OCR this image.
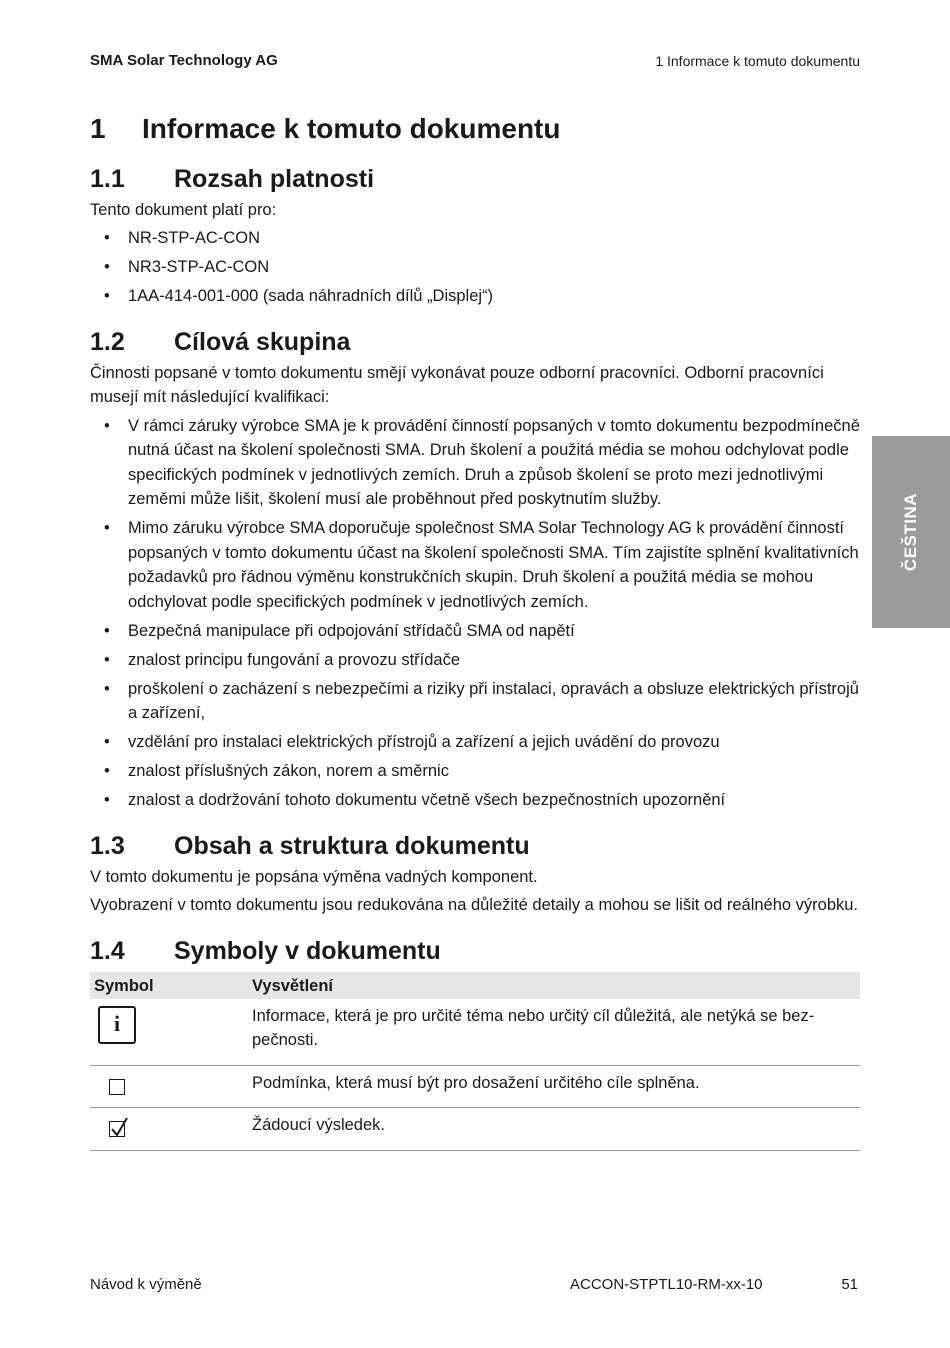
SMA Solar Technology AG	1 Informace k tomuto dokumentu
ČEŠTINA
1	Informace k tomuto dokumentu
1.1	Rozsah platnosti

Tento dokument platí pro:

• NR-STP-AC-CON
• NR3-STP-AC-CON
• 1AA-414-001-000 (sada náhradních dílů „Displej“)
1.2	Cílová skupina

Činnosti popsané v tomto dokumentu smějí vykonávat pouze odborní pracovníci. Odborní pracovníci musejí mít následující kvalifikaci:

• V rámci záruky výrobce SMA je k provádění činností popsaných v tomto dokumentu bezpodmínečně nutná účast na školení společnosti SMA. Druh školení a použitá média se mohou odchylovat podle specifických podmínek v jednotlivých zemích. Druh a způsob školení se proto mezi jednotlivými zeměmi může lišit, školení musí ale proběhnout před poskytnutím služby.
• Mimo záruku výrobce SMA doporučuje společnost SMA Solar Technology AG k provádění činností popsaných v tomto dokumentu účast na školení společnosti SMA. Tím zajistíte splnění kvalitativních požadavků pro řádnou výměnu konstrukčních skupin. Druh školení a použitá média se mohou odchylovat podle specifických podmínek v jednotlivých zemích.
• Bezpečná manipulace při odpojování střídačů SMA od napětí
• znalost principu fungování a provozu střídače
• proškolení o zacházení s nebezpečími a riziky při instalaci, opravách a obsluze elektrických přístrojů a zařízení,
• vzdělání pro instalaci elektrických přístrojů a zařízení a jejich uvádění do provozu
• znalost příslušných zákon, norem a směrnic
• znalost a dodržování tohoto dokumentu včetně všech bezpečnostních upozornění
1.3	Obsah a struktura dokumentu

V tomto dokumentu je popsána výměna vadných komponent.

Vyobrazení v tomto dokumentu jsou redukována na důležité detaily a mohou se lišit od reálného výrobku.

1.4	Symboly v dokumentu
Symbol	Vysvětlení

i	Informace, která je pro určité téma nebo určitý cíl důležitá, ale netýká se bez-pečnosti.

	Podmínka, která musí být pro dosažení určitého cíle splněna.

	Žádoucí výsledek.
Návod k výměně	ACCON-STPTL10-RM-xx-10	51
